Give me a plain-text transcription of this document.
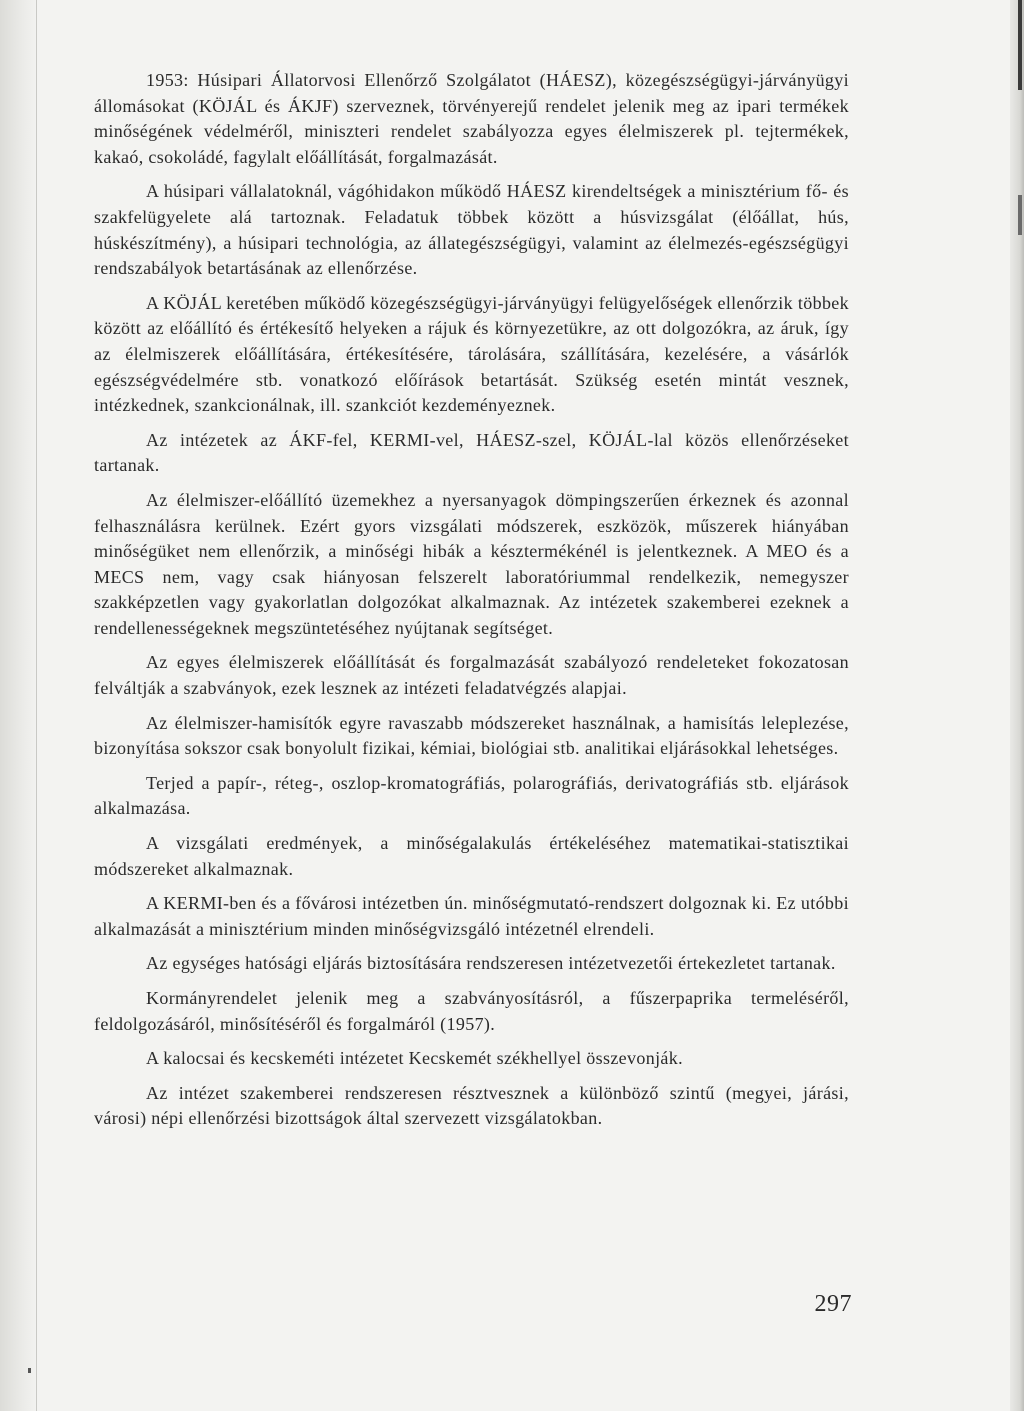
1953: Húsipari Állatorvosi Ellenőrző Szolgálatot (HÁESZ), közegészségügyi-járványügyi állomásokat (KÖJÁL és ÁKJF) szerveznek, törvényerejű rendelet jelenik meg az ipari termékek minőségének védelméről, miniszteri rendelet szabályozza egyes élelmiszerek pl. tejtermékek, kakaó, csokoládé, fagylalt előállítását, forgalmazását.

A húsipari vállalatoknál, vágóhidakon működő HÁESZ kirendeltségek a minisztérium fő- és szakfelügyelete alá tartoznak. Feladatuk többek között a húsvizsgálat (élőállat, hús, húskészítmény), a húsipari technológia, az állategészségügyi, valamint az élelmezés-egészségügyi rendszabályok betartásának az ellenőrzése.

A KÖJÁL keretében működő közegészségügyi-járványügyi felügyelőségek ellenőrzik többek között az előállító és értékesítő helyeken a rájuk és környezetükre, az ott dolgozókra, az áruk, így az élelmiszerek előállítására, értékesítésére, tárolására, szállítására, kezelésére, a vásárlók egészségvédelmére stb. vonatkozó előírások betartását. Szükség esetén mintát vesznek, intézkednek, szankcionálnak, ill. szankciót kezdeményeznek.

Az intézetek az ÁKF-fel, KERMI-vel, HÁESZ-szel, KÖJÁL-lal közös ellenőrzéseket tartanak.

Az élelmiszer-előállító üzemekhez a nyersanyagok dömpingszerűen érkeznek és azonnal felhasználásra kerülnek. Ezért gyors vizsgálati módszerek, eszközök, műszerek hiányában minőségüket nem ellenőrzik, a minőségi hibák a késztermékénél is jelentkeznek. A MEO és a MECS nem, vagy csak hiányosan felszerelt laboratóriummal rendelkezik, nemegyszer szakképzetlen vagy gyakorlatlan dolgozókat alkalmaznak. Az intézetek szakemberei ezeknek a rendellenességeknek megszüntetéséhez nyújtanak segítséget.

Az egyes élelmiszerek előállítását és forgalmazását szabályozó rendeleteket fokozatosan felváltják a szabványok, ezek lesznek az intézeti feladatvégzés alapjai.

Az élelmiszer-hamisítók egyre ravaszabb módszereket használnak, a hamisítás leleplezése, bizonyítása sokszor csak bonyolult fizikai, kémiai, biológiai stb. analitikai eljárásokkal lehetséges.

Terjed a papír-, réteg-, oszlop-kromatográfiás, polarográfiás, derivatográfiás stb. eljárások alkalmazása.

A vizsgálati eredmények, a minőségalakulás értékeléséhez matematikai-statisztikai módszereket alkalmaznak.

A KERMI-ben és a fővárosi intézetben ún. minőségmutató-rendszert dolgoznak ki. Ez utóbbi alkalmazását a minisztérium minden minőségvizsgáló intézetnél elrendeli.

Az egységes hatósági eljárás biztosítására rendszeresen intézetvezetői értekezletet tartanak.

Kormányrendelet jelenik meg a szabványosításról, a fűszerpaprika termeléséről, feldolgozásáról, minősítéséről és forgalmáról (1957).

A kalocsai és kecskeméti intézetet Kecskemét székhellyel összevonják.

Az intézet szakemberei rendszeresen résztvesznek a különböző szintű (megyei, járási, városi) népi ellenőrzési bizottságok által szervezett vizsgálatokban.

297
